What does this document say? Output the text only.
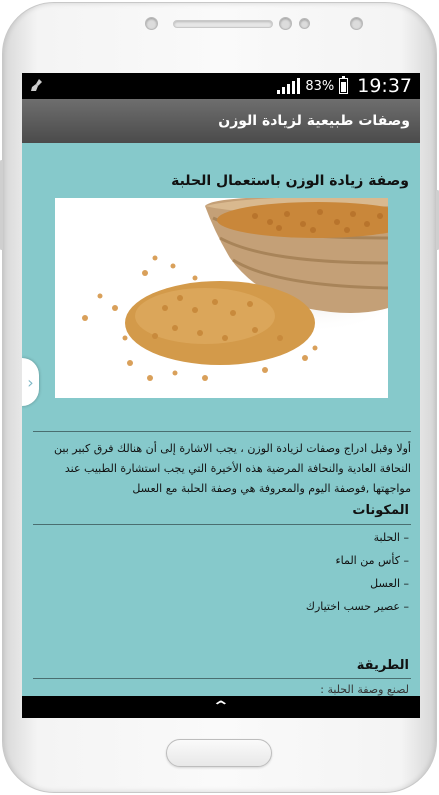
83% 19:37
وصفات طبيعية لزيادة الوزن
وصفة زيادة الوزن باستعمال الحلبة
أولا وقبل ادراج وصفات لزيادة الوزن ، يجب الاشارة إلى أن هنالك فرق كبير بين
النحافة العادية والنحافة المرضية هذه الأخيرة التي يجب استشارة الطبيب عند
مواجهتها ,فوصفة اليوم والمعروفة هي وصفة الحلبة مع العسل
المكونات
– الحلبة
– كأس من الماء
– العسل
– عصير حسب اختيارك
الطريقة
لصنع وصفة الحلبة :
›
⌃
